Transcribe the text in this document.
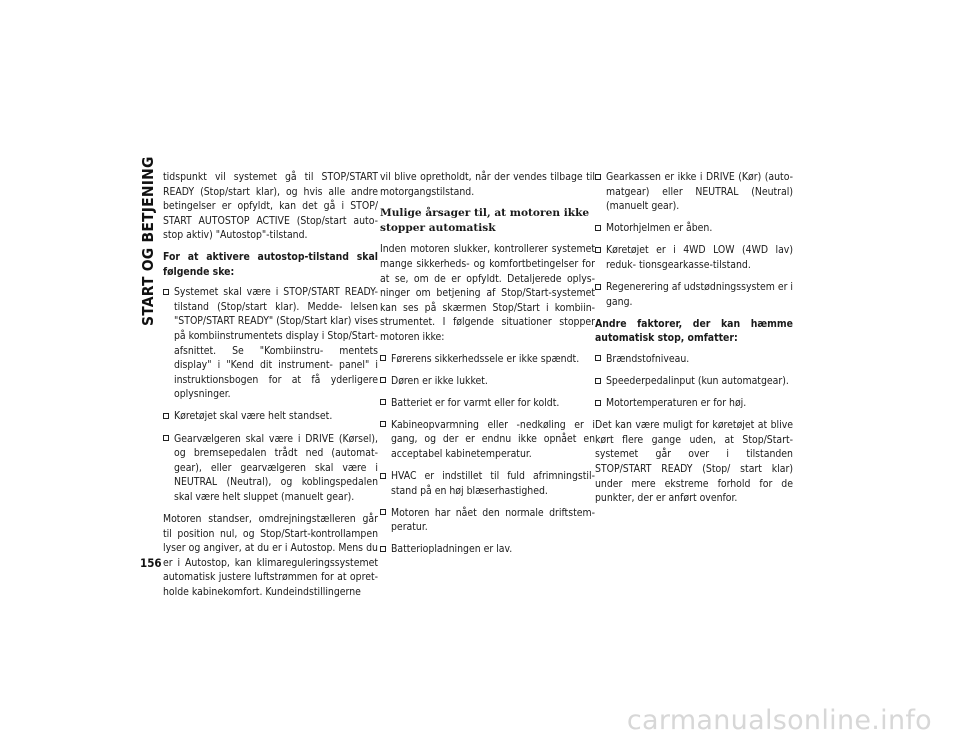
START OG BETJENING
156

tidspunkt vil systemet gå til STOP/START READY (Stop/start klar), og hvis alle andre betingelser er opfyldt, kan det gå i STOP/ START AUTOSTOP ACTIVE (Stop/start auto- stop aktiv) "Autostop"-tilstand.

For at aktivere autostop-tilstand skal følgende ske:

Systemet skal være i STOP/START READY-tilstand (Stop/start klar). Medde- lelsen "STOP/START READY" (Stop/Start klar) vises på kombiinstrumentets display i Stop/Start-afsnittet. Se "Kombiinstru- mentets display" i "Kend dit instrument- panel" i instruktionsbogen for at få yderligere oplysninger.
Køretøjet skal være helt standset.
Gearvælgeren skal være i DRIVE (Kørsel), og bremsepedalen trådt ned (automat- gear), eller gearvælgeren skal være i NEUTRAL (Neutral), og koblingspedalen skal være helt sluppet (manuelt gear).

Motoren standser, omdrejningstælleren går til position nul, og Stop/Start-kontrollampen lyser og angiver, at du er i Autostop. Mens du er i Autostop, kan klimareguleringssystemet automatisk justere luftstrømmen for at opret- holde kabinekomfort. Kundeindstillingerne

vil blive opretholdt, når der vendes tilbage til motorgangstilstand.

Mulige årsager til, at motoren ikke stopper automatisk

Inden motoren slukker, kontrollerer systemet mange sikkerheds- og komfortbetingelser for at se, om de er opfyldt. Detaljerede oplys- ninger om betjening af Stop/Start-systemet kan ses på skærmen Stop/Start i kombiin- strumentet. I følgende situationer stopper motoren ikke:

Førerens sikkerhedssele er ikke spændt.
Døren er ikke lukket.
Batteriet er for varmt eller for koldt.
Kabineopvarmning eller -nedkøling er i gang, og der er endnu ikke opnået en acceptabel kabinetemperatur.
HVAC er indstillet til fuld afrimningstil- stand på en høj blæserhastighed.
Motoren har nået den normale driftstem- peratur.
Batteriopladningen er lav.
Gearkassen er ikke i DRIVE (Kør) (auto- matgear) eller NEUTRAL (Neutral) (manuelt gear).
Motorhjelmen er åben.
Køretøjet er i 4WD LOW (4WD lav) reduk- tionsgearkasse-tilstand.
Regenerering af udstødningssystem er i gang.

Andre faktorer, der kan hæmme automatisk stop, omfatter:

Brændstofniveau.
Speederpedalinput (kun automatgear).
Motortemperaturen er for høj.

Det kan være muligt for køretøjet at blive kørt flere gange uden, at Stop/Start-systemet går over i tilstanden STOP/START READY (Stop/ start klar) under mere ekstreme forhold for de punkter, der er anført ovenfor.

carmanualsonline.info
